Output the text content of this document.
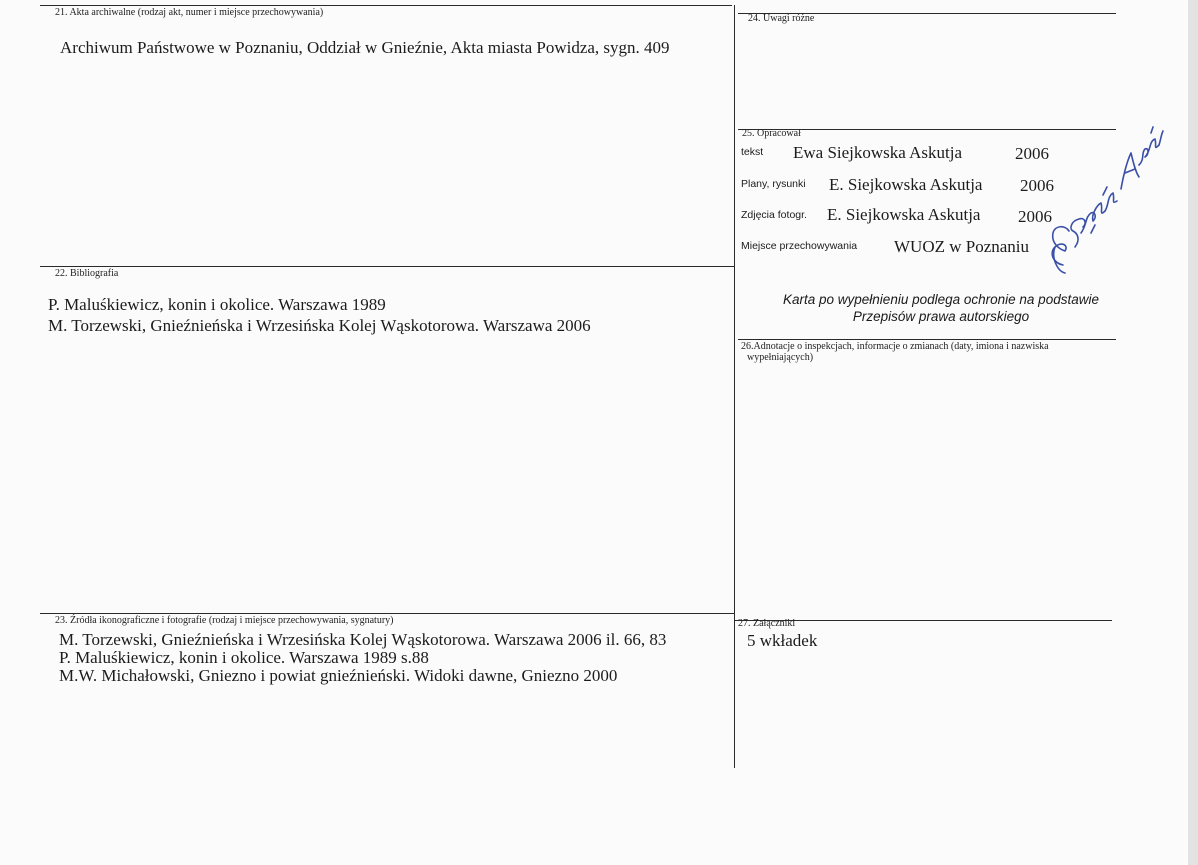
21. Akta archiwalne (rodzaj akt, numer i miejsce przechowywania)
Archiwum Państwowe w Poznaniu, Oddział w Gnieźnie, Akta miasta Powidza, sygn. 409
22. Bibliografia
P. Maluśkiewicz, konin i okolice. Warszawa 1989
M. Torzewski, Gnieźnieńska i Wrzesińska Kolej Wąskotorowa. Warszawa 2006
23. Źródła ikonograficzne i fotografie (rodzaj i miejsce przechowywania, sygnatury)
M. Torzewski, Gnieźnieńska i Wrzesińska Kolej Wąskotorowa. Warszawa 2006 il. 66, 83
P. Maluśkiewicz, konin i okolice. Warszawa 1989 s.88
M.W. Michałowski, Gniezno i powiat gnieźnieński. Widoki dawne, Gniezno 2000
24. Uwagi różne
25. Opracował
tekst Ewa Siejkowska Askutja	2006
Plany, rysunki E. Siejkowska Askutja 2006
Zdjęcia fotogr. E. Siejkowska Askutja 2006
Miejsce przechowywania WUOZ w Poznaniu
Karta po wypełnieniu podlega ochronie na podstawie
Przepisów prawa autorskiego
26.Adnotacje o inspekcjach, informacje o zmianach (daty, imiona i nazwiska
wypełniających)
27. Załączniki
5 wkładek
